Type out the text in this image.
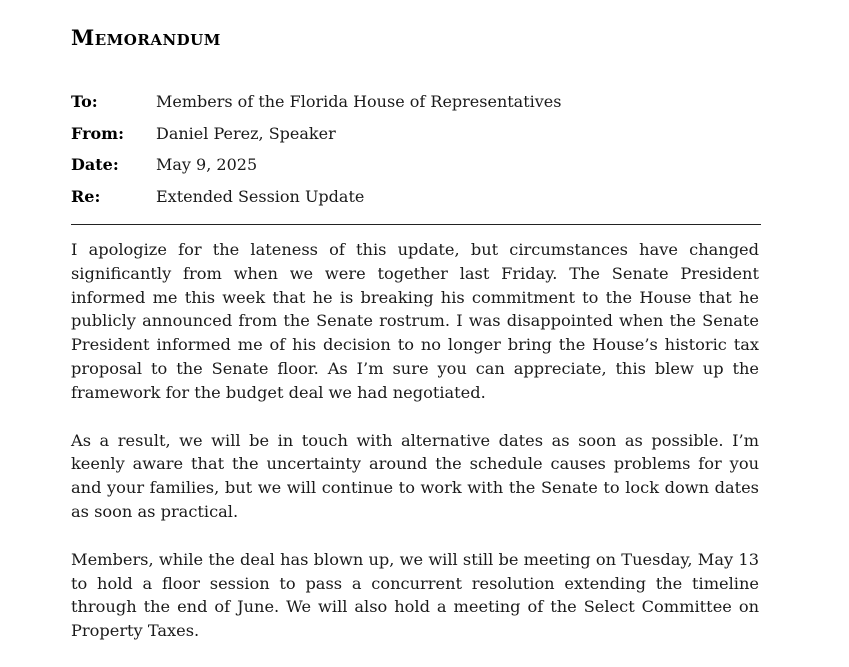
Memorandum
To:	Members of the Florida House of Representatives
From: Daniel Perez, Speaker
Date: May 9, 2025
Re:	Extended Session Update

I apologize for the lateness of this update, but circumstances have changed significantly from when we were together last Friday. The Senate President informed me this week that he is breaking his commitment to the House that he publicly announced from the Senate rostrum. I was disappointed when the Senate President informed me of his decision to no longer bring the House’s historic tax proposal to the Senate floor. As I’m sure you can appreciate, this blew up the framework for the budget deal we had negotiated.

As a result, we will be in touch with alternative dates as soon as possible. I’m keenly aware that the uncertainty around the schedule causes problems for you and your families, but we will continue to work with the Senate to lock down dates as soon as practical.

Members, while the deal has blown up, we will still be meeting on Tuesday, May 13 to hold a floor session to pass a concurrent resolution extending the timeline through the end of June. We will also hold a meeting of the Select Committee on Property Taxes.
